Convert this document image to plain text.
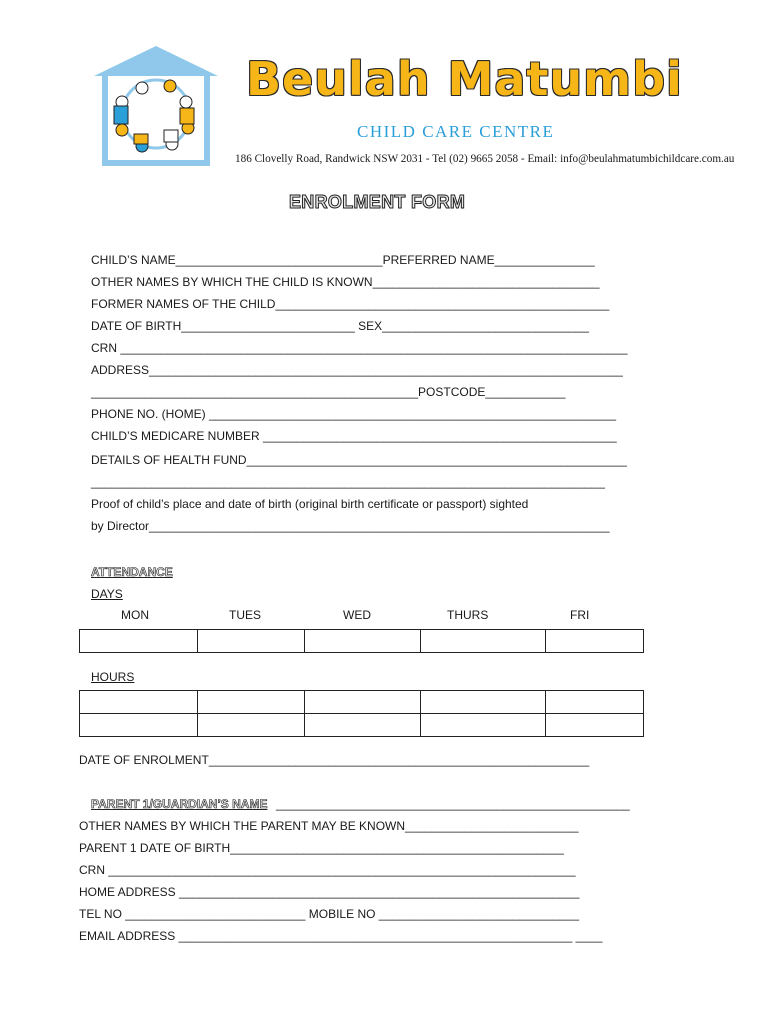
Beulah Matumbi
CHILD CARE CENTRE
186 Clovelly Road, Randwick NSW 2031 - Tel (02) 9665 2058 - Email: info@beulahmatumbichildcare.com.au
ENROLMENT FORM
CHILD’S NAME_______________________________PREFERRED NAME_______________
OTHER NAMES BY WHICH THE CHILD IS KNOWN__________________________________
FORMER NAMES OF THE CHILD__________________________________________________
DATE OF BIRTH__________________________ SEX_______________________________
CRN ____________________________________________________________________________
ADDRESS_______________________________________________________________________
_________________________________________________POSTCODE____________
PHONE NO. (HOME) _____________________________________________________________
CHILD’S MEDICARE NUMBER _____________________________________________________
DETAILS OF HEALTH FUND_________________________________________________________
_____________________________________________________________________________
Proof of child’s place and date of birth (original birth certificate or passport) sighted
by Director_____________________________________________________________________
ATTENDANCE
DAYS
MON	TUES	WED	THURS	FRI

HOURS

DATE OF ENROLMENT_________________________________________________________
PARENT 1/GUARDIAN’S NAME _____________________________________________________
OTHER NAMES BY WHICH THE PARENT MAY BE KNOWN__________________________
PARENT 1 DATE OF BIRTH__________________________________________________
CRN ______________________________________________________________________
HOME ADDRESS ____________________________________________________________
TEL NO ___________________________ MOBILE NO ______________________________
EMAIL ADDRESS ___________________________________________________________ ____
